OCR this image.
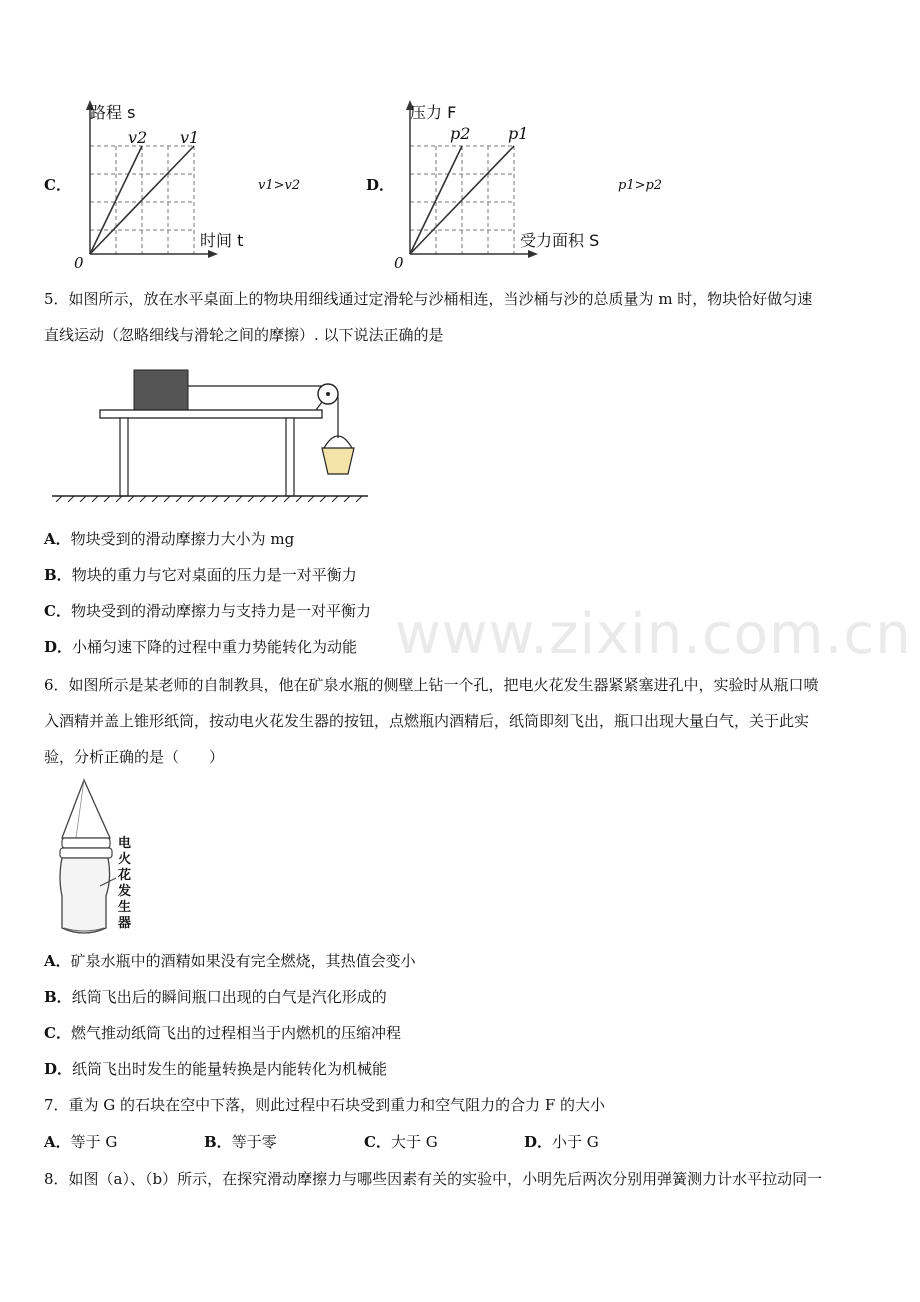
C．
路程 s
时间 t
0
v2 v1
v1>v2	D．
压力 F
受力面积 S
0
p2 p1
p1>p2
5．如图所示，放在水平桌面上的物块用细线通过定滑轮与沙桶相连，当沙桶与沙的总质量为 m 时，物块恰好做匀速
直线运动（忽略细线与滑轮之间的摩擦）. 以下说法正确的是
A．物块受到的滑动摩擦力大小为 mg
B．物块的重力与它对桌面的压力是一对平衡力
C．物块受到的滑动摩擦力与支持力是一对平衡力
D．小桶匀速下降的过程中重力势能转化为动能
6．如图所示是某老师的自制教具，他在矿泉水瓶的侧壁上钻一个孔，把电火花发生器紧紧塞进孔中，实验时从瓶口喷
入酒精并盖上锥形纸筒，按动电火花发生器的按钮，点燃瓶内酒精后，纸筒即刻飞出，瓶口出现大量白气，关于此实
验，分析正确的是（　　）
电火花发生器
A．矿泉水瓶中的酒精如果没有完全燃烧，其热值会变小
B．纸筒飞出后的瞬间瓶口出现的白气是汽化形成的
C．燃气推动纸筒飞出的过程相当于内燃机的压缩冲程
D．纸筒飞出时发生的能量转换是内能转化为机械能
7．重为 G 的石块在空中下落，则此过程中石块受到重力和空气阻力的合力 F 的大小
A．等于 G	B．等于零	C．大于 G	D．小于 G
8．如图（a）、（b）所示，在探究滑动摩擦力与哪些因素有关的实验中，小明先后两次分别用弹簧测力计水平拉动同一
www.zixin.com.cn
